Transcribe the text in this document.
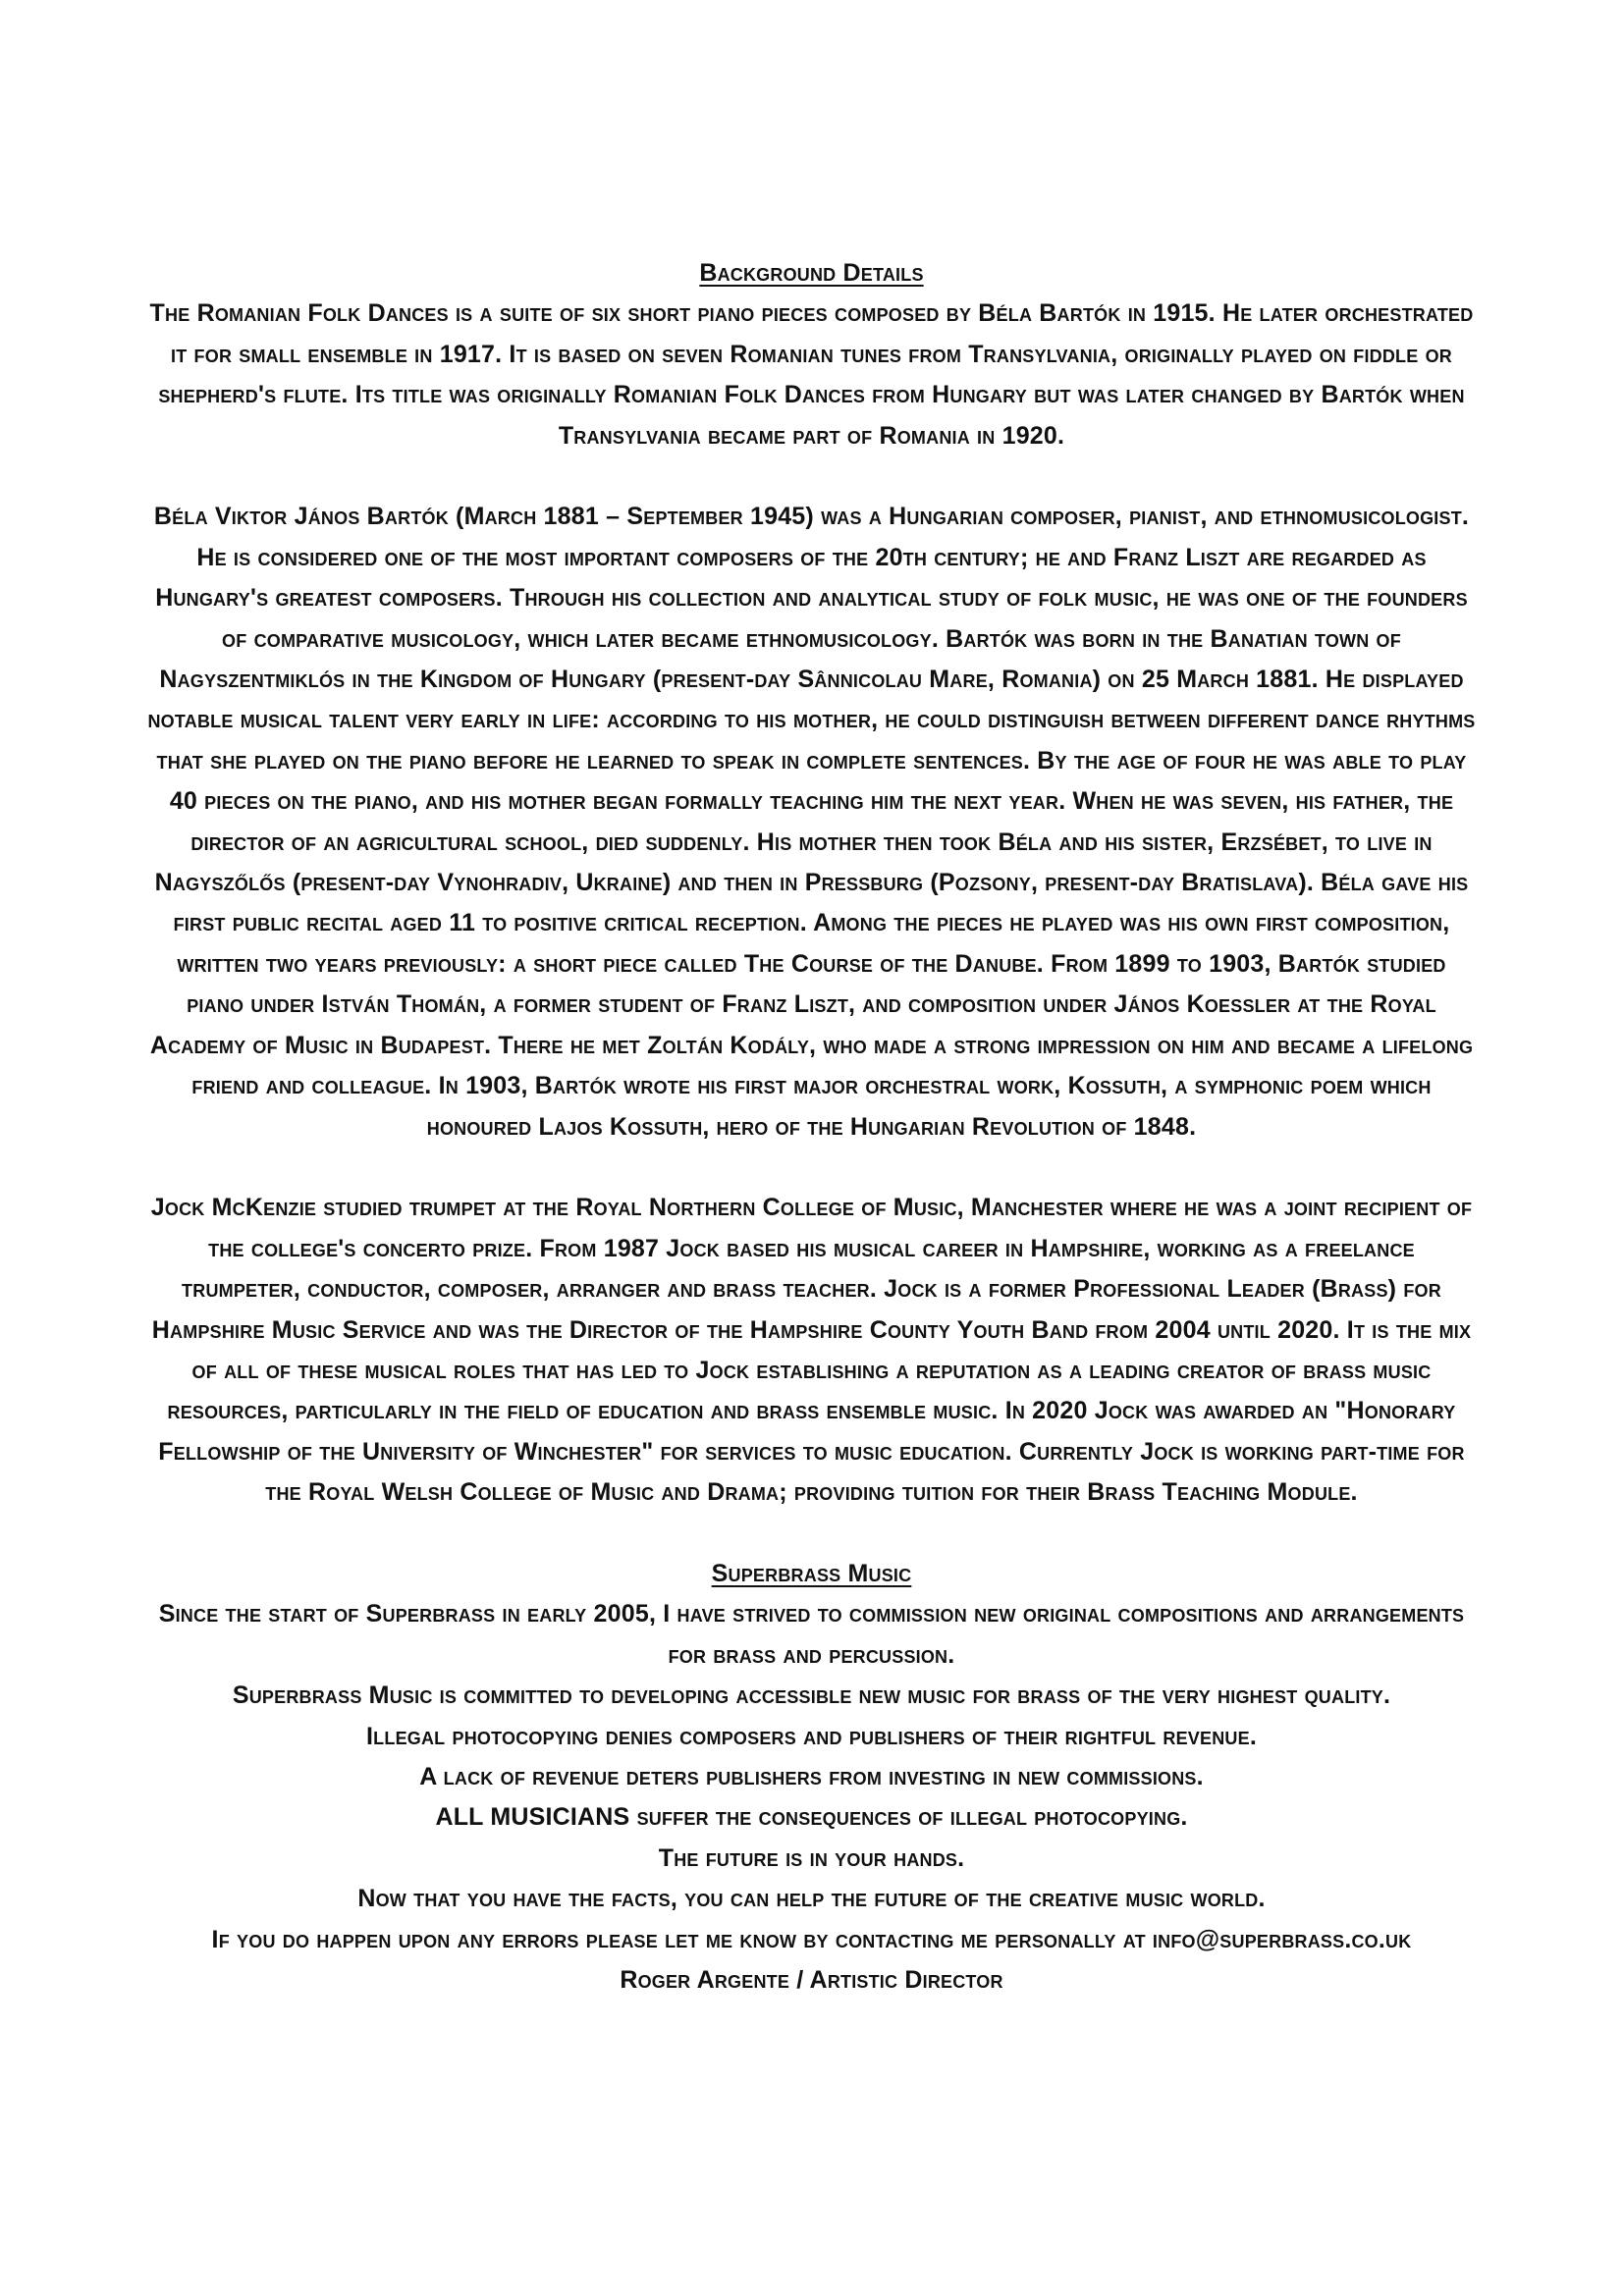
Background Details

The Romanian Folk Dances is a suite of six short piano pieces composed by Béla Bartók in 1915. He later orchestrated it for small ensemble in 1917. It is based on seven Romanian tunes from Transylvania, originally played on fiddle or shepherd's flute. Its title was originally Romanian Folk Dances from Hungary but was later changed by Bartók when Transylvania became part of Romania in 1920.

Béla Viktor János Bartók (March 1881 – September 1945) was a Hungarian composer, pianist, and ethnomusicologist. He is considered one of the most important composers of the 20th century; he and Franz Liszt are regarded as Hungary's greatest composers. Through his collection and analytical study of folk music, he was one of the founders of comparative musicology, which later became ethnomusicology. Bartók was born in the Banatian town of Nagyszentmiklós in the Kingdom of Hungary (present-day Sânnicolau Mare, Romania) on 25 March 1881. He displayed notable musical talent very early in life: according to his mother, he could distinguish between different dance rhythms that she played on the piano before he learned to speak in complete sentences. By the age of four he was able to play 40 pieces on the piano, and his mother began formally teaching him the next year. When he was seven, his father, the director of an agricultural school, died suddenly. His mother then took Béla and his sister, Erzsébet, to live in Nagyszőlős (present-day Vynohradiv, Ukraine) and then in Pressburg (Pozsony, present-day Bratislava). Béla gave his first public recital aged 11 to positive critical reception. Among the pieces he played was his own first composition, written two years previously: a short piece called The Course of the Danube. From 1899 to 1903, Bartók studied piano under István Thomán, a former student of Franz Liszt, and composition under János Koessler at the Royal Academy of Music in Budapest. There he met Zoltán Kodály, who made a strong impression on him and became a lifelong friend and colleague. In 1903, Bartók wrote his first major orchestral work, Kossuth, a symphonic poem which honoured Lajos Kossuth, hero of the Hungarian Revolution of 1848.

Jock McKenzie studied trumpet at the Royal Northern College of Music, Manchester where he was a joint recipient of the college's concerto prize. From 1987 Jock based his musical career in Hampshire, working as a freelance trumpeter, conductor, composer, arranger and brass teacher. Jock is a former Professional Leader (Brass) for Hampshire Music Service and was the Director of the Hampshire County Youth Band from 2004 until 2020. It is the mix of all of these musical roles that has led to Jock establishing a reputation as a leading creator of brass music resources, particularly in the field of education and brass ensemble music. In 2020 Jock was awarded an "Honorary Fellowship of the University of Winchester" for services to music education. Currently Jock is working part-time for the Royal Welsh College of Music and Drama; providing tuition for their Brass Teaching Module.

Superbrass Music

Since the start of Superbrass in early 2005, I have strived to commission new original compositions and arrangements for brass and percussion.

Superbrass Music is committed to developing accessible new music for brass of the very highest quality.

Illegal photocopying denies composers and publishers of their rightful revenue.

A lack of revenue deters publishers from investing in new commissions.

ALL MUSICIANS suffer the consequences of illegal photocopying.

The future is in your hands.

Now that you have the facts, you can help the future of the creative music world.

If you do happen upon any errors please let me know by contacting me personally at info@superbrass.co.uk

Roger Argente / Artistic Director
